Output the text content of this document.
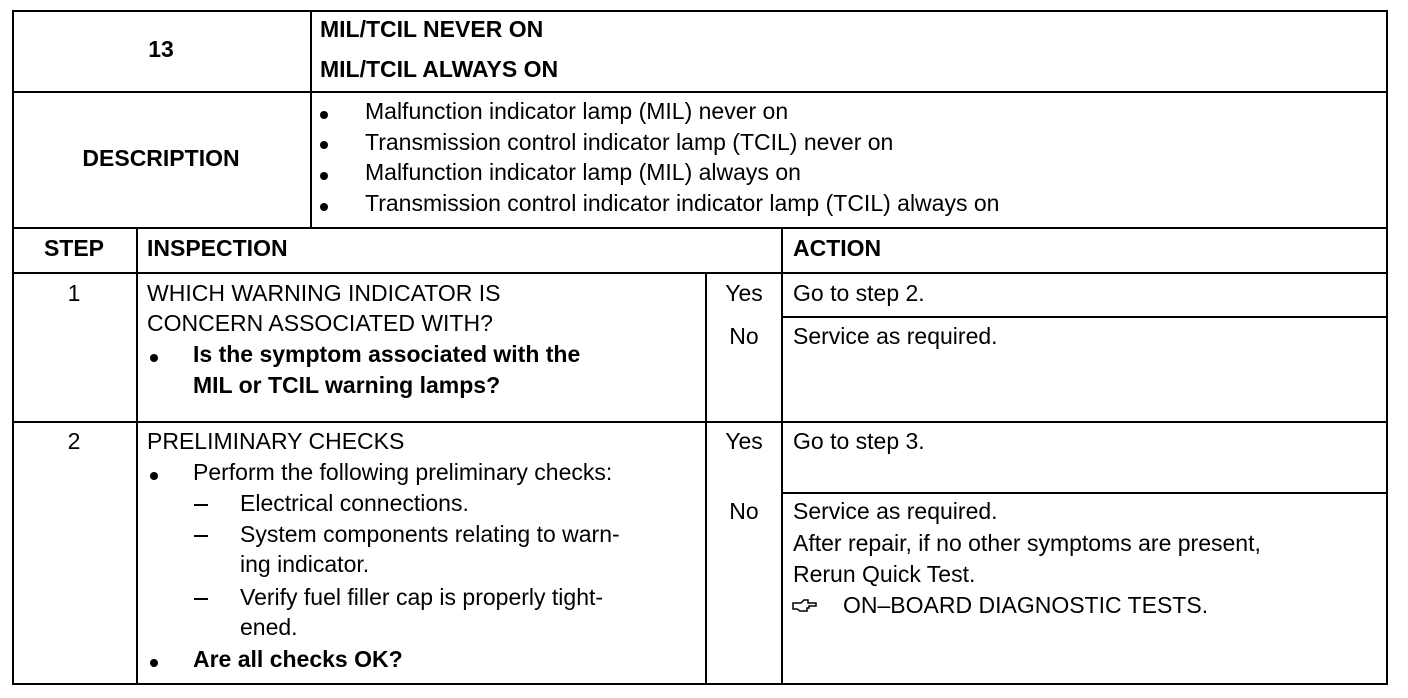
13
MIL/TCIL NEVER ON
MIL/TCIL ALWAYS ON
DESCRIPTION
Malfunction indicator lamp (MIL) never on
Transmission control indicator lamp (TCIL) never on
Malfunction indicator lamp (MIL) always on
Transmission control indicator indicator lamp (TCIL) always on
STEP	INSPECTION	ACTION
1	WHICH WARNING INDICATOR IS
CONCERN ASSOCIATED WITH?
Is the symptom associated with the
MIL or TCIL warning lamps?
Yes	Go to step 2.
No	Service as required.
2	PRELIMINARY CHECKS
Perform the following preliminary checks:
Electrical connections.
System components relating to warn-
ing indicator.
Verify fuel filler cap is properly tight-
ened.
Are all checks OK?
Yes	Go to step 3.
No	Service as required.
After repair, if no other symptoms are present,
Rerun Quick Test.
ON–BOARD DIAGNOSTIC TESTS.
